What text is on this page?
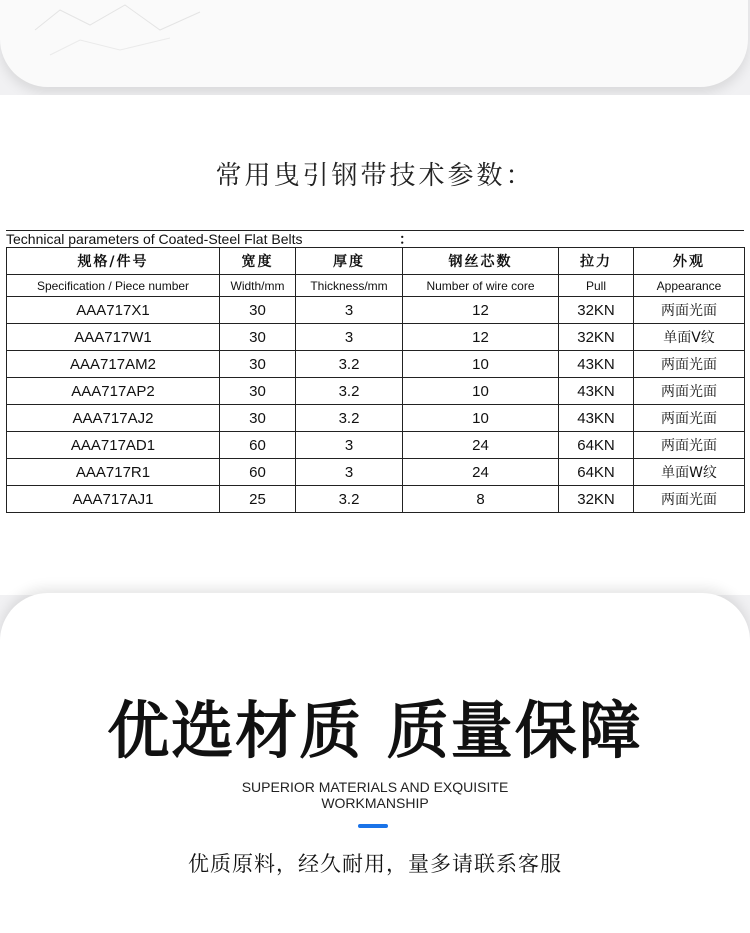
常用曳引钢带技术参数：
Technical parameters of Coated-Steel Flat Belts	：
规格/件号	宽度	厚度	钢丝芯数	拉力	外观
Specification / Piece number	Width/mm	Thickness/mm	Number of wire core	Pull	Appearance
AAA717X1	30	3	12	32KN	两面光面
AAA717W1	30	3	12	32KN	单面V纹
AAA717AM2	30	3.2	10	43KN	两面光面
AAA717AP2	30	3.2	10	43KN	两面光面
AAA717AJ2	30	3.2	10	43KN	两面光面
AAA717AD1	60	3	24	64KN	两面光面
AAA717R1	60	3	24	64KN	单面W纹
AAA717AJ1	25	3.2	8	32KN	两面光面
优选材质 质量保障
SUPERIOR MATERIALS AND EXQUISITE
WORKMANSHIP
优质原料，经久耐用，量多请联系客服
